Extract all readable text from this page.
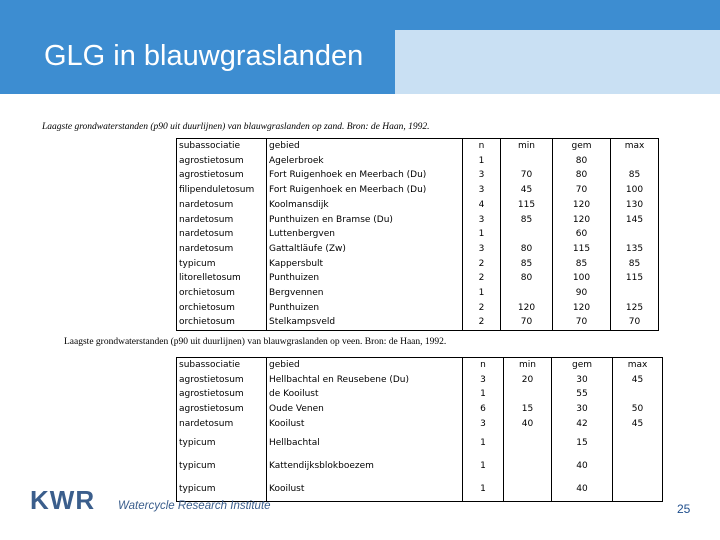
GLG in blauwgraslanden
Laagste grondwaterstanden (p90 uit duurlijnen) van blauwgraslanden op zand. Bron: de Haan, 1992.
subassociatie	gebied	n	min	gem	max
agrostietosum	Agelerbroek	1		80	
agrostietosum	Fort Ruigenhoek en Meerbach (Du)	3	70	80	85
filipenduletosum	Fort Ruigenhoek en Meerbach (Du)	3	45	70	100
nardetosum	Koolmansdijk	4	115	120	130
nardetosum	Punthuizen en Bramse (Du)	3	85	120	145
nardetosum	Luttenbergven	1		60	
nardetosum	Gattaltläufe (Zw)	3	80	115	135
typicum	Kappersbult	2	85	85	85
litorelletosum	Punthuizen	2	80	100	115
orchietosum	Bergvennen	1		90	
orchietosum	Punthuizen	2	120	120	125
orchietosum	Stelkampsveld	2	70	70	70
Laagste grondwaterstanden (p90 uit duurlijnen) van blauwgraslanden op veen. Bron: de Haan, 1992.
subassociatie	gebied	n	min	gem	max
agrostietosum	Hellbachtal en Reusebene (Du)	3	20	30	45
agrostietosum	de Kooilust	1		55	
agrostietosum	Oude Venen	6	15	30	50
nardetosum	Kooilust	3	40	42	45
typicum	Hellbachtal	1		15	
typicum	Kattendijksblokboezem	1		40	
typicum	Kooilust	1		40	
KWR Watercycle Research Institute	25
